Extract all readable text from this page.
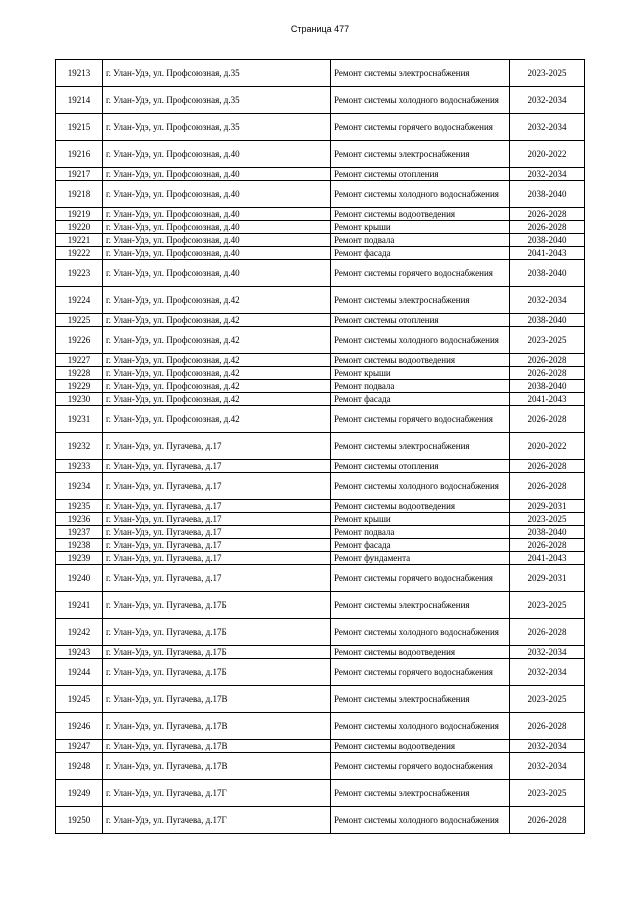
Страница 477
19213	г. Улан-Удэ, ул. Профсоюзная, д.35	Ремонт системы электроснабжения	2023-2025
19214	г. Улан-Удэ, ул. Профсоюзная, д.35	Ремонт системы холодного водоснабжения	2032-2034
19215	г. Улан-Удэ, ул. Профсоюзная, д.35	Ремонт системы горячего водоснабжения	2032-2034
19216	г. Улан-Удэ, ул. Профсоюзная, д.40	Ремонт системы электроснабжения	2020-2022
19217	г. Улан-Удэ, ул. Профсоюзная, д.40	Ремонт системы отопления	2032-2034
19218	г. Улан-Удэ, ул. Профсоюзная, д.40	Ремонт системы холодного водоснабжения	2038-2040
19219	г. Улан-Удэ, ул. Профсоюзная, д.40	Ремонт системы водоотведения	2026-2028
19220	г. Улан-Удэ, ул. Профсоюзная, д.40	Ремонт крыши	2026-2028
19221	г. Улан-Удэ, ул. Профсоюзная, д.40	Ремонт подвала	2038-2040
19222	г. Улан-Удэ, ул. Профсоюзная, д.40	Ремонт фасада	2041-2043
19223	г. Улан-Удэ, ул. Профсоюзная, д.40	Ремонт системы горячего водоснабжения	2038-2040
19224	г. Улан-Удэ, ул. Профсоюзная, д.42	Ремонт системы электроснабжения	2032-2034
19225	г. Улан-Удэ, ул. Профсоюзная, д.42	Ремонт системы отопления	2038-2040
19226	г. Улан-Удэ, ул. Профсоюзная, д.42	Ремонт системы холодного водоснабжения	2023-2025
19227	г. Улан-Удэ, ул. Профсоюзная, д.42	Ремонт системы водоотведения	2026-2028
19228	г. Улан-Удэ, ул. Профсоюзная, д.42	Ремонт крыши	2026-2028
19229	г. Улан-Удэ, ул. Профсоюзная, д.42	Ремонт подвала	2038-2040
19230	г. Улан-Удэ, ул. Профсоюзная, д.42	Ремонт фасада	2041-2043
19231	г. Улан-Удэ, ул. Профсоюзная, д.42	Ремонт системы горячего водоснабжения	2026-2028
19232	г. Улан-Удэ, ул. Пугачева, д.17	Ремонт системы электроснабжения	2020-2022
19233	г. Улан-Удэ, ул. Пугачева, д.17	Ремонт системы отопления	2026-2028
19234	г. Улан-Удэ, ул. Пугачева, д.17	Ремонт системы холодного водоснабжения	2026-2028
19235	г. Улан-Удэ, ул. Пугачева, д.17	Ремонт системы водоотведения	2029-2031
19236	г. Улан-Удэ, ул. Пугачева, д.17	Ремонт крыши	2023-2025
19237	г. Улан-Удэ, ул. Пугачева, д.17	Ремонт подвала	2038-2040
19238	г. Улан-Удэ, ул. Пугачева, д.17	Ремонт фасада	2026-2028
19239	г. Улан-Удэ, ул. Пугачева, д.17	Ремонт фундамента	2041-2043
19240	г. Улан-Удэ, ул. Пугачева, д.17	Ремонт системы горячего водоснабжения	2029-2031
19241	г. Улан-Удэ, ул. Пугачева, д.17Б	Ремонт системы электроснабжения	2023-2025
19242	г. Улан-Удэ, ул. Пугачева, д.17Б	Ремонт системы холодного водоснабжения	2026-2028
19243	г. Улан-Удэ, ул. Пугачева, д.17Б	Ремонт системы водоотведения	2032-2034
19244	г. Улан-Удэ, ул. Пугачева, д.17Б	Ремонт системы горячего водоснабжения	2032-2034
19245	г. Улан-Удэ, ул. Пугачева, д.17В	Ремонт системы электроснабжения	2023-2025
19246	г. Улан-Удэ, ул. Пугачева, д.17В	Ремонт системы холодного водоснабжения	2026-2028
19247	г. Улан-Удэ, ул. Пугачева, д.17В	Ремонт системы водоотведения	2032-2034
19248	г. Улан-Удэ, ул. Пугачева, д.17В	Ремонт системы горячего водоснабжения	2032-2034
19249	г. Улан-Удэ, ул. Пугачева, д.17Г	Ремонт системы электроснабжения	2023-2025
19250	г. Улан-Удэ, ул. Пугачева, д.17Г	Ремонт системы холодного водоснабжения	2026-2028
